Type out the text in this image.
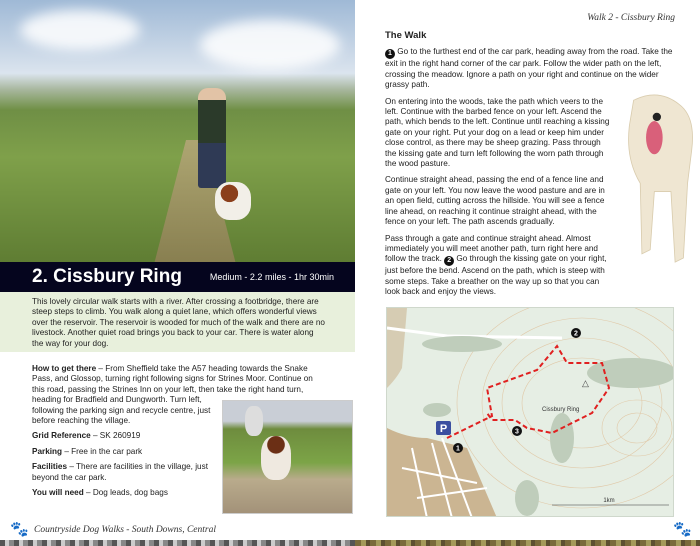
2. Cissbury Ring	Medium - 2.2 miles - 1hr 30min
This lovely circular walk starts with a river. After crossing a footbridge, there are steep steps to climb. You walk along a quiet lane, which offers wonderful views over the reservoir. The reservoir is wooded for much of the walk and there are no livestock. Another quiet road brings you back to your car. There is water along the way for your dog.

How to get there – From Sheffield take the A57 heading towards the Snake Pass, and Glossop, turning right following signs for Strines Moor. Continue on this road, passing the Strines Inn on your left, then take the right hand turn,

heading for Bradfield and Dungworth. Turn left, following the parking sign and recycle centre, just before reaching the village.

Grid Reference – SK 260919

Parking – Free in the car park

Facilities – There are facilities in the village, just beyond the car park.

You will need – Dog leads, dog bags

🐾 Countryside Dog Walks - South Downs, Central
Walk 2 - Cissbury Ring
The Walk

1 Go to the furthest end of the car park, heading away from the road. Take the exit in the right hand corner of the car park. Follow the wider path on the left, crossing the meadow. Ignore a path on your right and continue on the wider grassy path.

On entering into the woods, take the path which veers to the left. Continue with the barbed fence on your left. Ascend the path, which bends to the left. Continue until reaching a kissing gate on your right. Put your dog on a lead or keep him under close control, as there may be sheep grazing. Pass through the kissing gate and turn left following the worn path through the wood pasture.

Continue straight ahead, passing the end of a fence line and gate on your left. You now leave the wood pasture and are in an open field, cutting across the hillside. You will see a fence line ahead, on reaching it continue straight ahead, with the fence on your left. The path ascends gradually.

Pass through a gate and continue straight ahead. Almost immediately you will meet another path, turn right here and follow the track. 2 Go through the kissing gate on your right, just before the bend. Ascend on the path, which is steep with some steps. Take a breather on the way up so that you can look back and enjoy the views.

Cissbury Ring
△
P
1
2
3
1km
🐾
